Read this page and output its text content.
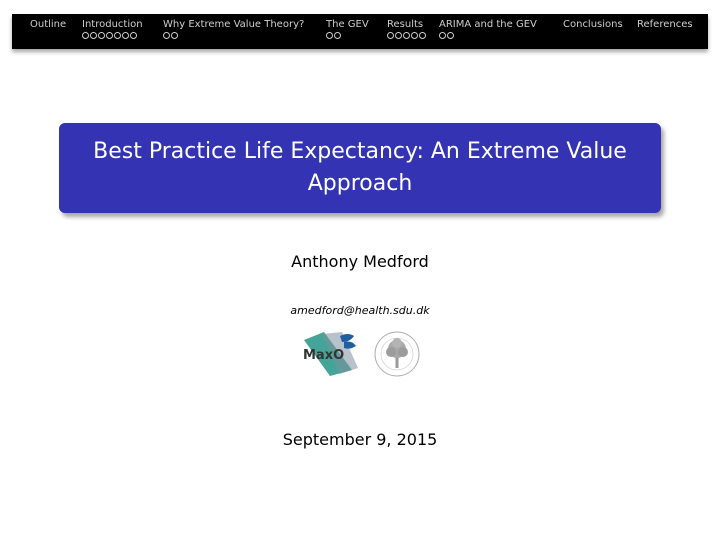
Outline Introduction Why Extreme Value Theory? The GEV Results ARIMA and the GEV	Conclusions References
Best Practice Life Expectancy: An Extreme Value Approach
Anthony Medford
amedford@health.sdu.dk
MaxO
September 9, 2015
